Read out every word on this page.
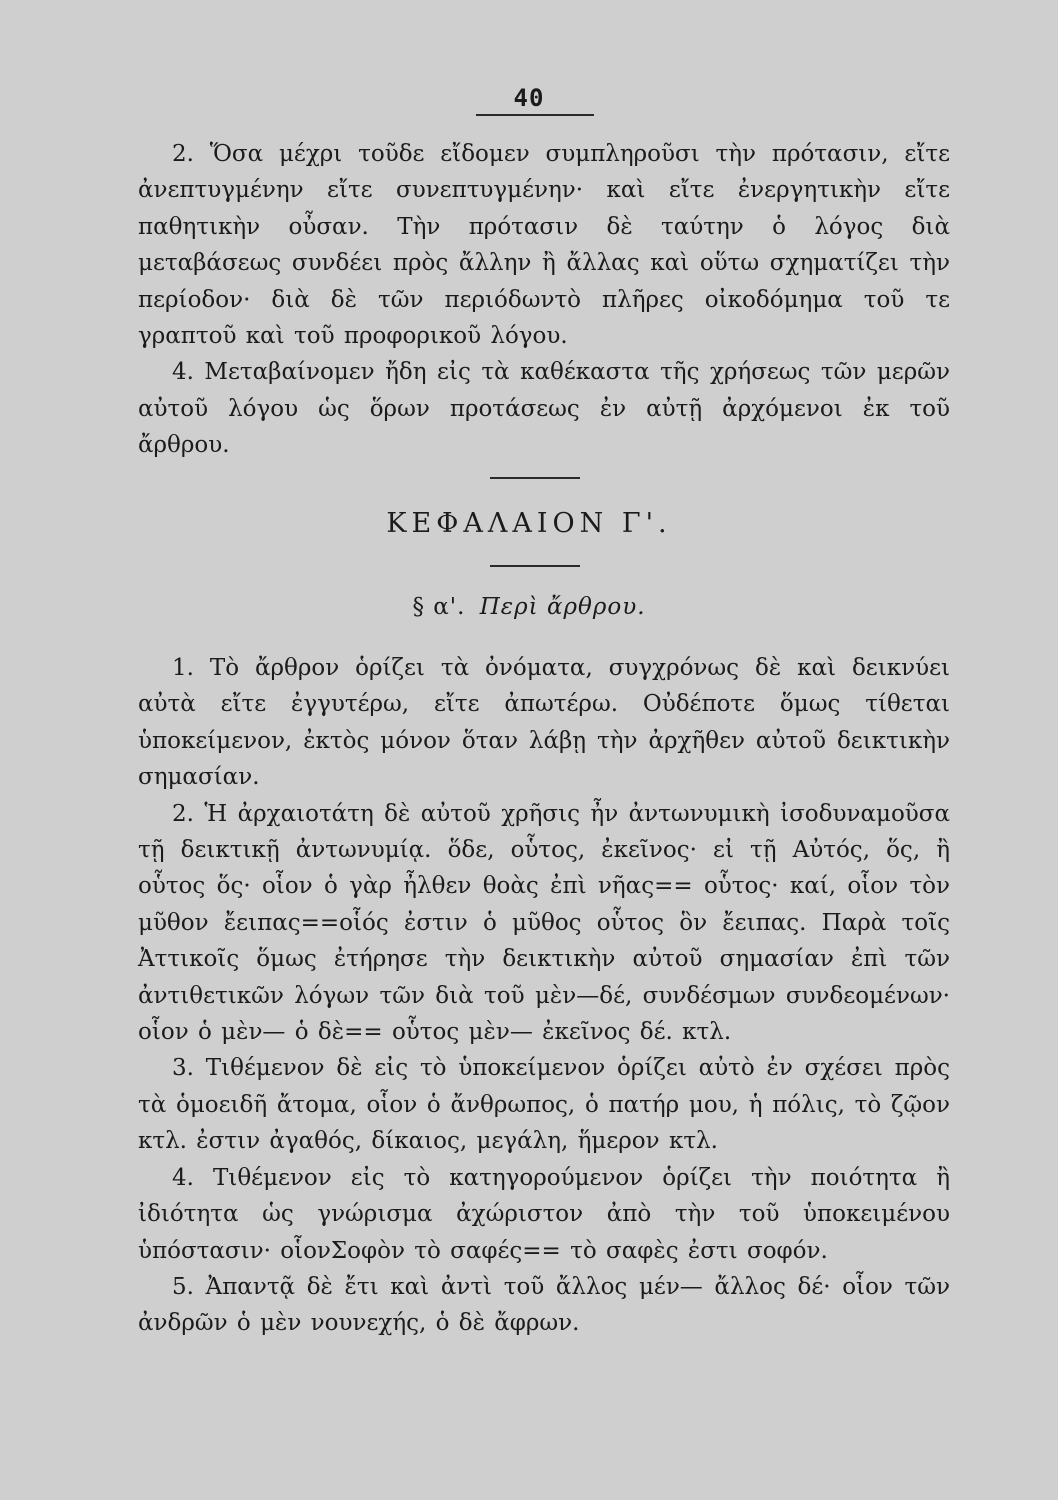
40

2. Ὅσα μέχρι τοῦδε εἴδομεν συμπληροῦσι τὴν πρότασιν, εἴτε ἀνεπτυγμένην εἴτε συνεπτυγμένην· καὶ εἴτε ἐνεργητικὴν εἴτε παθητικὴν οὖσαν. Τὴν πρότασιν δὲ ταύτην ὁ λόγος διὰ μεταβάσεως συνδέει πρὸς ἄλλην ἢ ἄλλας καὶ οὕτω σχηματίζει τὴν περίοδον· διὰ δὲ τῶν περιόδωντὸ πλῆρες οἰκοδόμημα τοῦ τε γραπτοῦ καὶ τοῦ προφορικοῦ λόγου.

4. Μεταβαίνομεν ἤδη εἰς τὰ καθέκαστα τῆς χρήσεως τῶν μερῶν αὐτοῦ λόγου ὡς ὅρων προτάσεως ἐν αὐτῇ ἀρχόμενοι ἐκ τοῦ ἄρθρου.

ΚΕΦΑΛΑΙΟΝ Γ'.
§ α'. Περὶ ἄρθρου.

1. Τὸ ἄρθρον ὁρίζει τὰ ὀνόματα, συγχρόνως δὲ καὶ δεικνύει αὐτὰ εἴτε ἐγγυτέρω, εἴτε ἀπωτέρω. Οὐδέποτε ὅμως τίθεται ὑποκείμενον, ἐκτὸς μόνον ὅταν λάβῃ τὴν ἀρχῆθεν αὐτοῦ δεικτικὴν σημασίαν.

2. Ἡ ἀρχαιοτάτη δὲ αὐτοῦ χρῆσις ἦν ἀντωνυμικὴ ἰσοδυναμοῦσα τῇ δεικτικῇ ἀντωνυμίᾳ. ὅδε, οὗτος, ἐκεῖνος· εἰ τῇ Αὐτός, ὅς, ἢ οὗτος ὅς· οἷον ὁ γὰρ ἦλθεν θοὰς ἐπὶ νῆας== οὗτος· καί, οἷον τὸν μῦθον ἔειπας==οἷός ἐστιν ὁ μῦθος οὗτος ὃν ἔειπας. Παρὰ τοῖς Ἀττικοῖς ὅμως ἐτήρησε τὴν δεικτικὴν αὐτοῦ σημασίαν ἐπὶ τῶν ἀντιθετικῶν λόγων τῶν διὰ τοῦ μὲν—δέ, συνδέσμων συνδεομένων· οἷον ὁ μὲν— ὁ δὲ== οὗτος μὲν— ἐκεῖνος δέ. κτλ.

3. Τιθέμενον δὲ εἰς τὸ ὑποκείμενον ὁρίζει αὐτὸ ἐν σχέσει πρὸς τὰ ὁμοειδῆ ἄτομα, οἷον ὁ ἄνθρωπος, ὁ πατήρ μου, ἡ πόλις, τὸ ζῷον κτλ. ἐστιν ἀγαθός, δίκαιος, μεγάλη, ἥμερον κτλ.

4. Τιθέμενον εἰς τὸ κατηγορούμενον ὁρίζει τὴν ποιότητα ἢ ἰδιότητα ὡς γνώρισμα ἀχώριστον ἀπὸ τὴν τοῦ ὑποκειμένου ὑπόστασιν· οἷονΣοφὸν τὸ σαφές== τὸ σαφὲς ἐστι σοφόν.

5. Ἀπαντᾷ δὲ ἔτι καὶ ἀντὶ τοῦ ἄλλος μέν— ἄλλος δέ· οἷον τῶν ἀνδρῶν ὁ μὲν νουνεχής, ὁ δὲ ἄφρων.
